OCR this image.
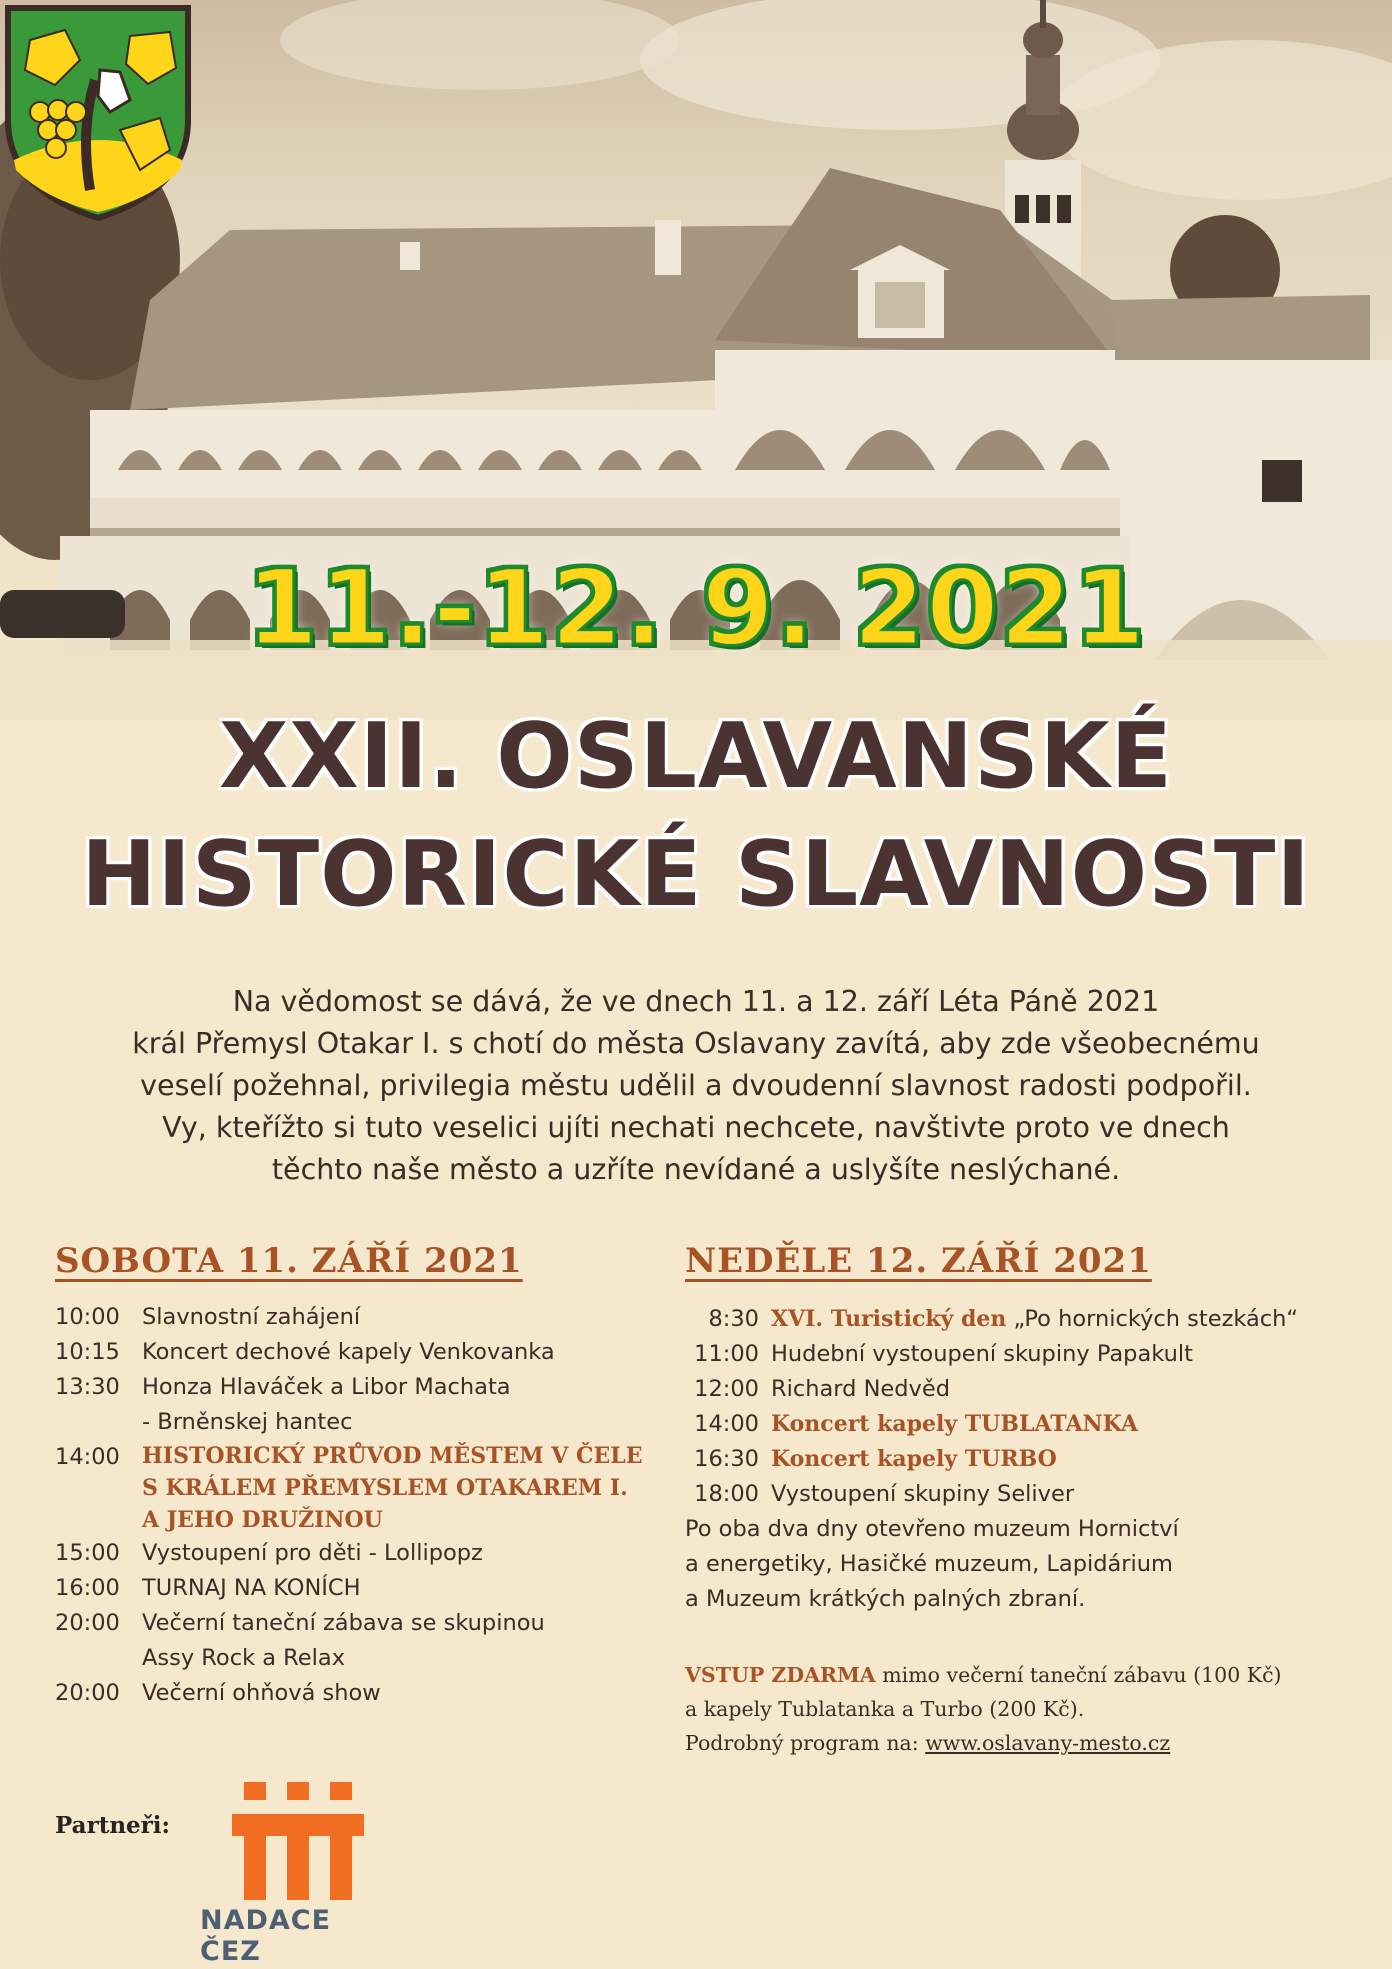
11.-12. 9. 2021
XXII. OSLAVANSKÉ
HISTORICKÉ SLAVNOSTI
Na vědomost se dává, že ve dnech 11. a 12. září Léta Páně 2021
král Přemysl Otakar I. s chotí do města Oslavany zavítá, aby zde všeobecnému
veselí požehnal, privilegia městu udělil a dvoudenní slavnost radosti podpořil.
Vy, kteřížto si tuto veselici ujíti nechati nechcete, navštivte proto ve dnech
těchto naše město a uzříte nevídané a uslyšíte neslýchané.
SOBOTA 11. ZÁŘÍ 2021	NEDĚLE 12. ZÁŘÍ 2021
10:00 Slavnostní zahájení
10:15 Koncert dechové kapely Venkovanka
13:30 Honza Hlaváček a Libor Machata
- Brněnskej hantec
14:00	HISTORICKÝ PRŮVOD MĚSTEM V ČELE
S KRÁLEM PŘEMYSLEM OTAKAREM I.
A JEHO DRUŽINOU
15:00 Vystoupení pro děti - Lollipopz
16:00 TURNAJ NA KONÍCH
20:00 Večerní taneční zábava se skupinou
Assy Rock a Relax
20:00 Večerní ohňová show
8:30 XVI. Turistický den „Po hornických stezkách“
11:00 Hudební vystoupení skupiny Papakult
12:00 Richard Nedvěd
14:00 Koncert kapely TUBLATANKA
16:30 Koncert kapely TURBO
18:00 Vystoupení skupiny Seliver
Po oba dva dny otevřeno muzeum Hornictví
a energetiky, Hasičké muzeum, Lapidárium
a Muzeum krátkých palných zbraní.
VSTUP ZDARMA mimo večerní taneční zábavu (100 Kč)
a kapely Tublatanka a Turbo (200 Kč).
Podrobný program na: www.oslavany-mesto.cz
Partneři:
NADACE ČEZ
